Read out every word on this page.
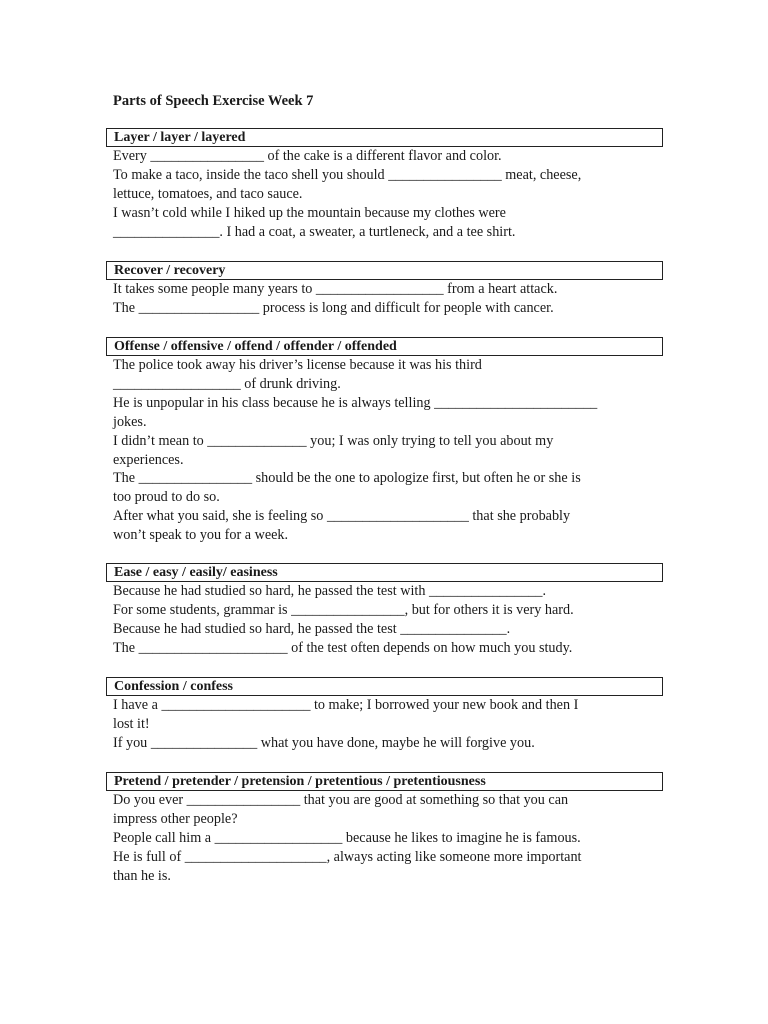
Parts of Speech Exercise Week 7
Layer / layer / layered
Every ________________ of the cake is a different flavor and color.
To make a taco, inside the taco shell you should ________________ meat, cheese,
lettuce, tomatoes, and taco sauce.
I wasn’t cold while I hiked up the mountain because my clothes were
_______________. I had a coat, a sweater, a turtleneck, and a tee shirt.
Recover / recovery
It takes some people many years to __________________ from a heart attack.
The _________________ process is long and difficult for people with cancer.
Offense / offensive / offend / offender / offended
The police took away his driver’s license because it was his third
__________________ of drunk driving.
He is unpopular in his class because he is always telling _______________________
jokes.
I didn’t mean to ______________ you; I was only trying to tell you about my
experiences.
The ________________ should be the one to apologize first, but often he or she is
too proud to do so.
After what you said, she is feeling so ____________________ that she probably
won’t speak to you for a week.
Ease / easy / easily/ easiness
Because he had studied so hard, he passed the test with ________________.
For some students, grammar is ________________, but for others it is very hard.
Because he had studied so hard, he passed the test _______________.
The _____________________ of the test often depends on how much you study.
Confession / confess
I have a _____________________ to make; I borrowed your new book and then I
lost it!
If you _______________ what you have done, maybe he will forgive you.
Pretend / pretender / pretension / pretentious / pretentiousness
Do you ever ________________ that you are good at something so that you can
impress other people?
People call him a __________________ because he likes to imagine he is famous.
He is full of ____________________, always acting like someone more important
than he is.
